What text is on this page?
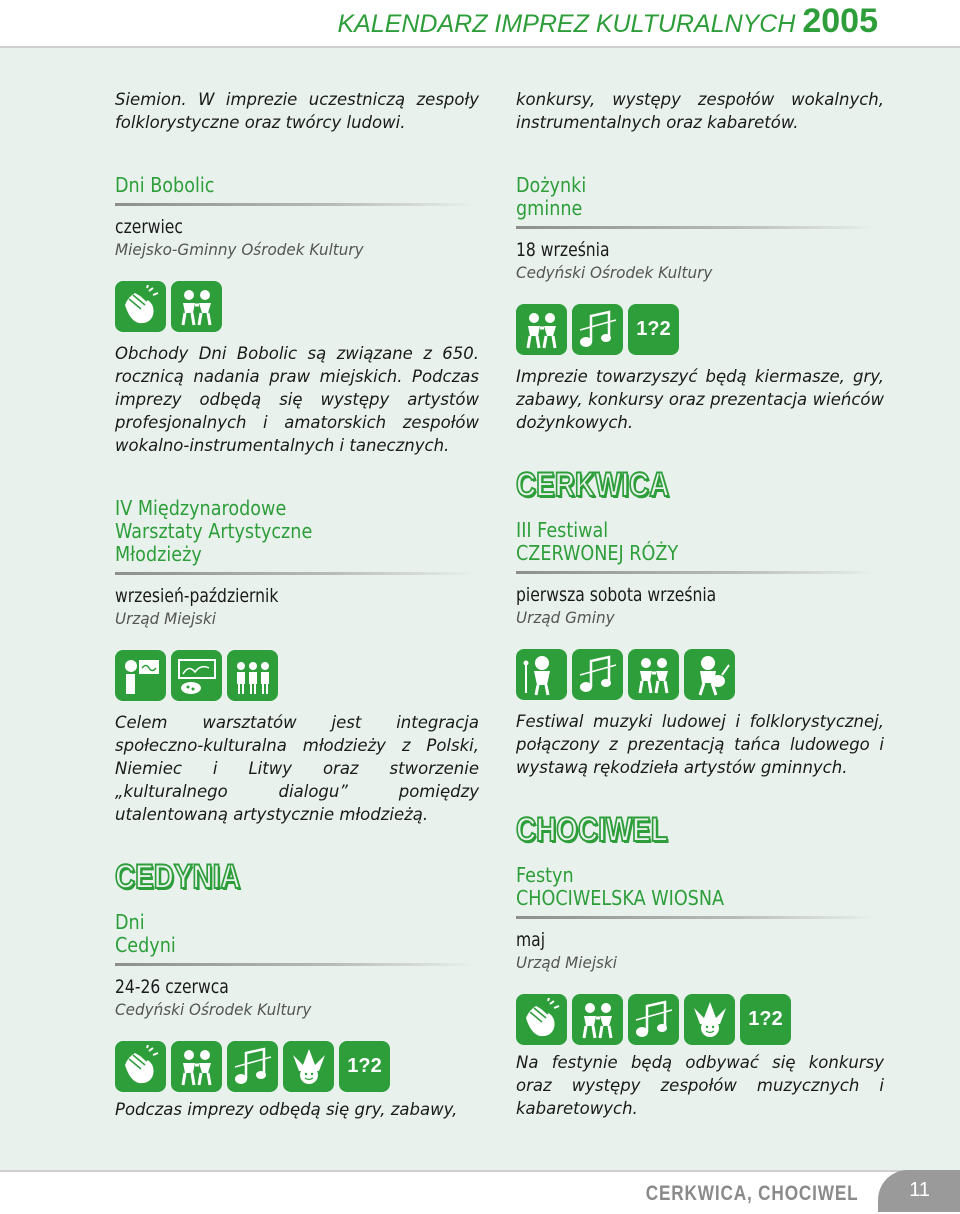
KALENDARZ IMPREZ KULTURALNYCH 2005

Siemion. W imprezie uczestniczą zespoły folklorystyczne oraz twórcy ludowi.

Dni Bobolic
czerwiec
Miejsko-Gminny Ośrodek Kultury

Obchody Dni Bobolic są związane z 650. rocznicą nadania praw miejskich. Podczas imprezy odbędą się występy artystów profesjonalnych i amatorskich zespołów wokalno-instrumentalnych i tanecznych.

IV Międzynarodowe
Warsztaty Artystyczne
Młodzieży
wrzesień-październik
Urząd Miejski

Celem warsztatów jest integracja społeczno-kulturalna młodzieży z Polski, Niemiec i Litwy oraz stworzenie „kulturalnego dialogu” pomiędzy utalentowaną artystycznie młodzieżą.

CEDYNIA
Dni
Cedyni
24-26 czerwca
Cedyński Ośrodek Kultury
1?2

Podczas imprezy odbędą się gry, zabawy,

konkursy, występy zespołów wokalnych, instrumentalnych oraz kabaretów.

Dożynki
gminne
18 września
Cedyński Ośrodek Kultury
1?2

Imprezie towarzyszyć będą kiermasze, gry, zabawy, konkursy oraz prezentacja wieńców dożynkowych.

CERKWICA
III Festiwal
CZERWONEJ RÓŻY
pierwsza sobota września
Urząd Gminy

Festiwal muzyki ludowej i folklorystycznej, połączony z prezentacją tańca ludowego i wystawą rękodzieła artystów gminnych.

CHOCIWEL
Festyn
CHOCIWELSKA WIOSNA
maj
Urząd Miejski
1?2

Na festynie będą odbywać się konkursy oraz występy zespołów muzycznych i kabaretowych.

CERKWICA, CHOCIWEL	11
